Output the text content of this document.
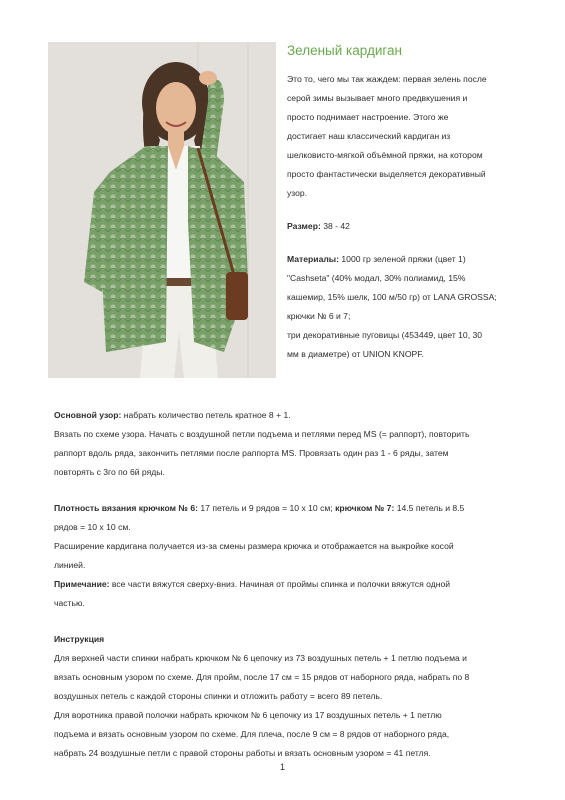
Зеленый кардиган

Это то, чего мы так жаждем: первая зелень после

серой зимы вызывает много предвкушения и

просто поднимает настроение. Этого же

достигает наш классический кардиган из

шелковисто-мягкой объёмной пряжи, на котором

просто фантастически выделяется декоративный

узор.

Размер: 38 - 42

Материалы: 1000 гр зеленой пряжи (цвет 1)

"Cashseta" (40% модал, 30% полиамид, 15%

кашемир, 15% шелк, 100 м/50 гр) от LANA GROSSA;

крючки № 6 и 7;

три декоративные пуговицы (453449, цвет 10, 30

мм в диаметре) от UNION KNOPF.

Основной узор: набрать количество петель кратное 8 + 1.

Вязать по схеме узора. Начать с воздушной петли подъема и петлями перед MS (= раппорт), повторить

раппорт вдоль ряда, закончить петлями после раппорта MS. Провязать один раз 1 - 6 ряды, затем

повторять с 3го по 6й ряды.

Плотность вязания крючком № 6: 17 петель и 9 рядов = 10 х 10 см; крючком № 7: 14.5 петель и 8.5

рядов = 10 х 10 см.

Расширение кардигана получается из-за смены размера крючка и отображается на выкройке косой

линией.

Примечание: все части вяжутся сверху-вниз. Начиная от проймы спинка и полочки вяжутся одной

частью.

Инструкция

Для верхней части спинки набрать крючком № 6 цепочку из 73 воздушных петель + 1 петлю подъема и

вязать основным узором по схеме. Для пройм, после 17 см = 15 рядов от наборного ряда, набрать по 8

воздушных петель с каждой стороны спинки и отложить работу = всего 89 петель.

Для воротника правой полочки набрать крючком № 6 цепочку из 17 воздушных петель + 1 петлю

подъема и вязать основным узором по схеме. Для плеча, после 9 см = 8 рядов от наборного ряда,

набрать 24 воздушные петли с правой стороны работы и вязать основным узором = 41 петля.

1
